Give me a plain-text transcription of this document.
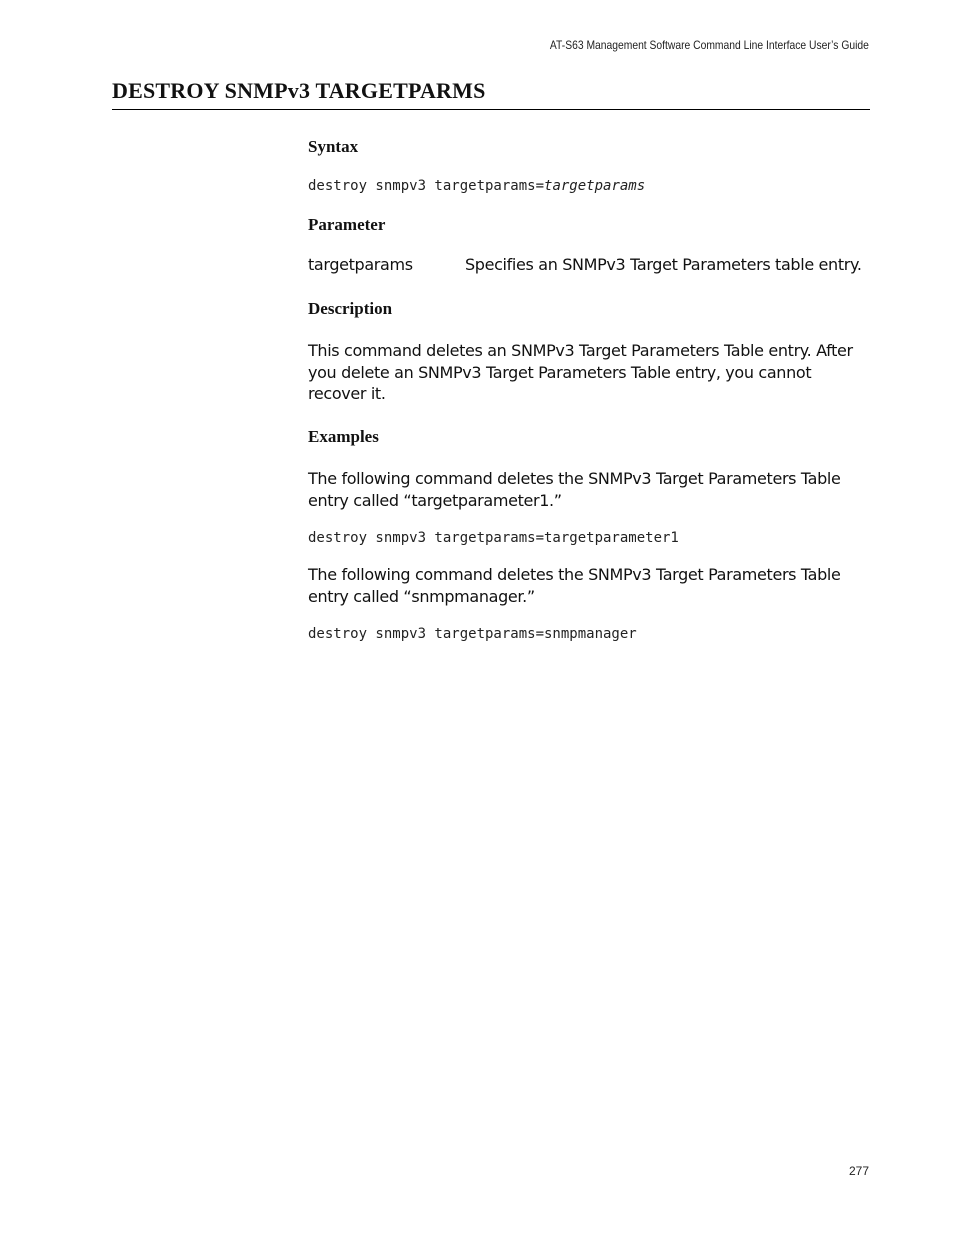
AT-S63 Management Software Command Line Interface User’s Guide
DESTROY SNMPv3 TARGETPARMS
Syntax
destroy snmpv3 targetparams=targetparams
Parameter
targetparams	Specifies an SNMPv3 Target Parameters table entry.
Description
This command deletes an SNMPv3 Target Parameters Table entry. After you delete an SNMPv3 Target Parameters Table entry, you cannot recover it.
Examples
The following command deletes the SNMPv3 Target Parameters Table entry called “targetparameter1.”
destroy snmpv3 targetparams=targetparameter1
The following command deletes the SNMPv3 Target Parameters Table entry called “snmpmanager.”
destroy snmpv3 targetparams=snmpmanager
277
